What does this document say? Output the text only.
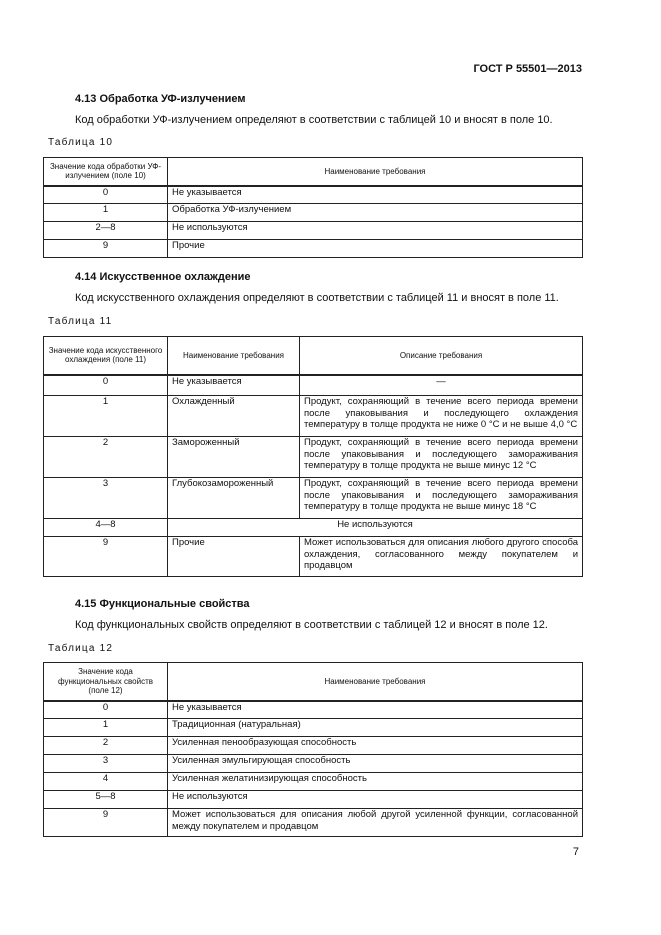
ГОСТ Р 55501—2013
4.13 Обработка УФ-излучением
Код обработки УФ-излучением определяют в соответствии с таблицей 10 и вносят в поле 10.
Таблица 10
Значение кода обработки УФ-излучением (поле 10)	Наименование требования
0	Не указывается
1	Обработка УФ-излучением
2—8	Не используются
9	Прочие
4.14 Искусственное охлаждение
Код искусственного охлаждения определяют в соответствии с таблицей 11 и вносят в поле 11.
Таблица 11
Значение кода искусственного охлаждения (поле 11)	Наименование требования	Описание требования
0	Не указывается	—
1	Охлажденный	Продукт, сохраняющий в течение всего периода времени после упаковывания и последующего охлаждения температуру в толще продукта не ниже 0 °С и не выше 4,0 °С
2	Замороженный	Продукт, сохраняющий в течение всего периода времени после упаковывания и последующего замораживания температуру в толще продукта не выше минус 12 °С
3	Глубокозамороженный	Продукт, сохраняющий в течение всего периода времени после упаковывания и последующего замораживания температуру в толще продукта не выше минус 18 °С
4—8	Не используются	
9	Прочие	Может использоваться для описания любого другого способа охлаждения, согласованного между покупателем и продавцом
4.15 Функциональные свойства
Код функциональных свойств определяют в соответствии с таблицей 12 и вносят в поле 12.
Таблица 12
Значение кода функциональных свойств (поле 12)	Наименование требования
0	Не указывается
1	Традиционная (натуральная)
2	Усиленная пенообразующая способность
3	Усиленная эмульгирующая способность
4	Усиленная желатинизирующая способность
5—8	Не используются
9	Может использоваться для описания любой другой усиленной функции, согласованной между покупателем и продавцом
7
